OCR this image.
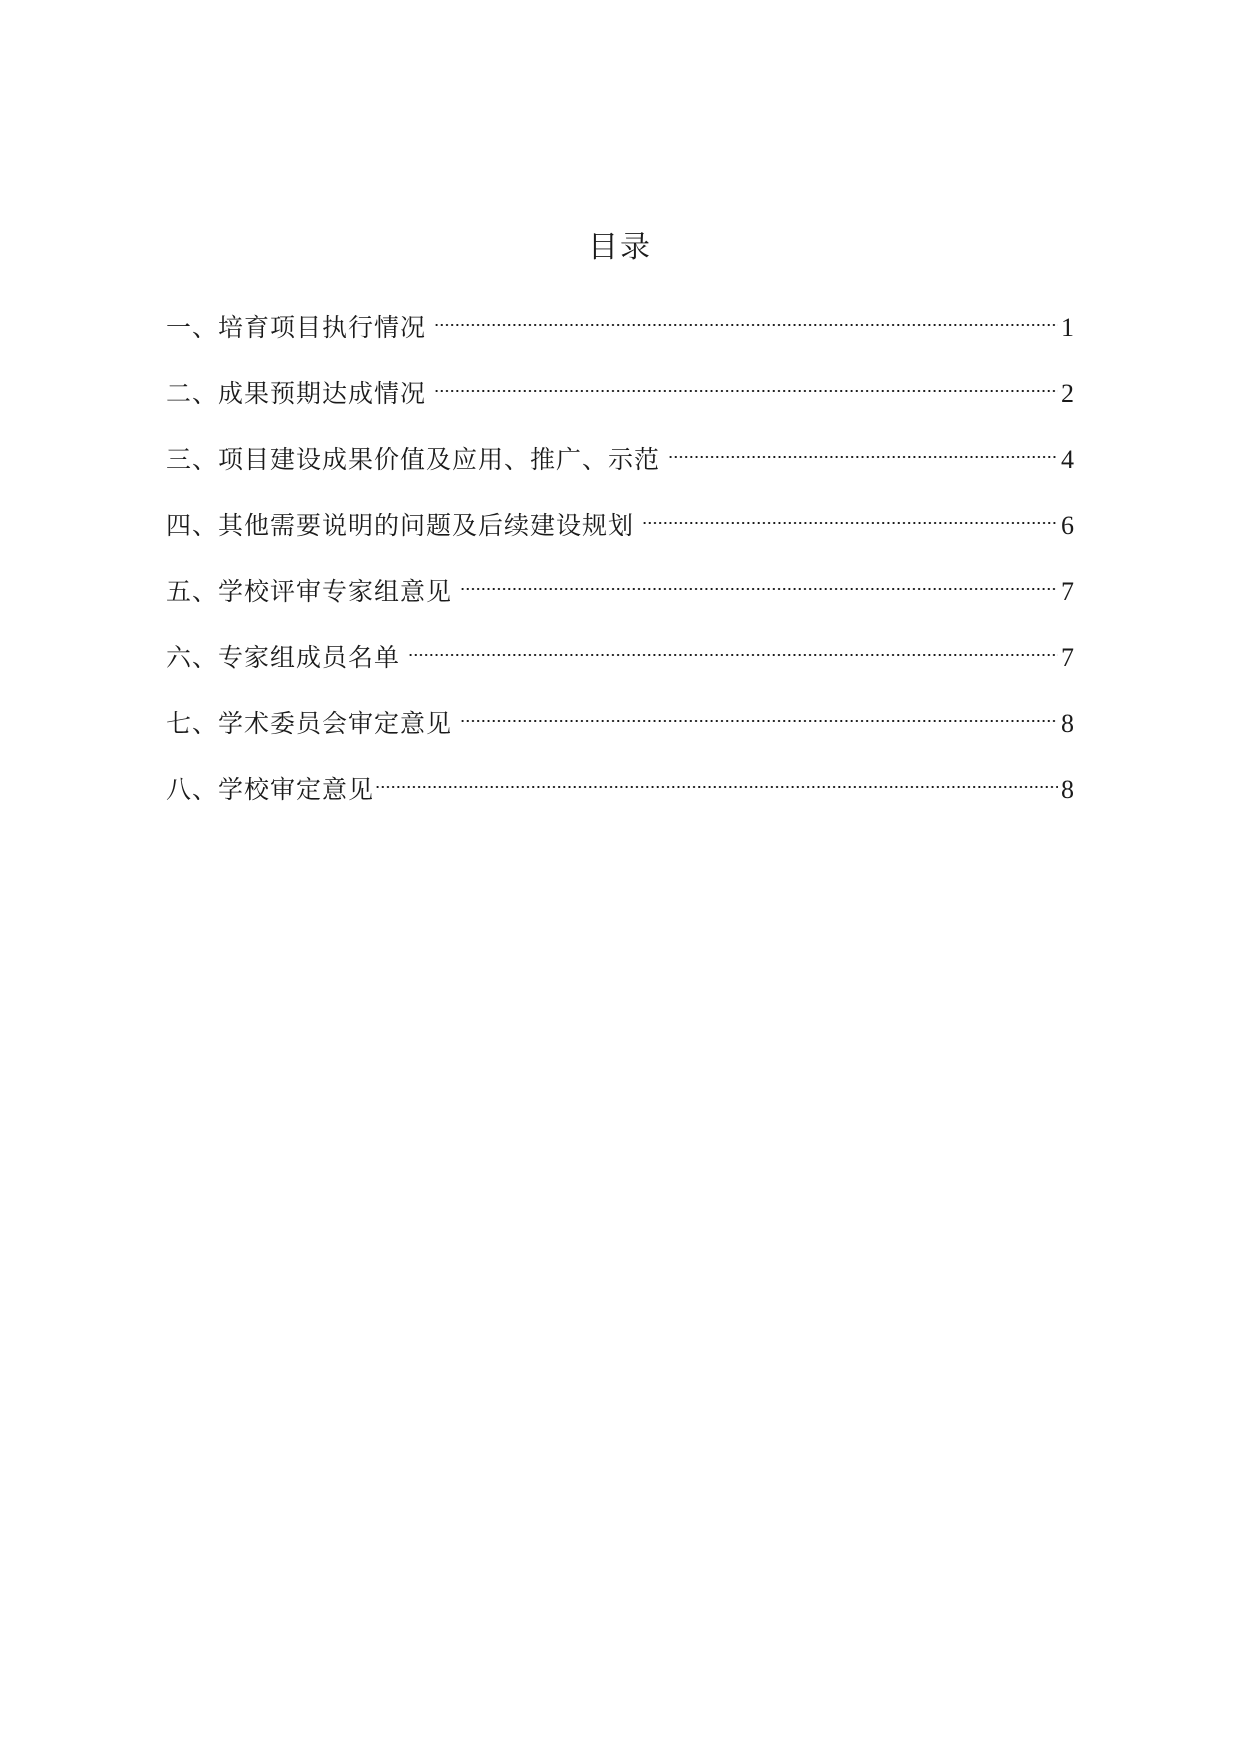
目录
一、培育项目执行情况	1
二、成果预期达成情况	2
三、项目建设成果价值及应用、推广、示范	4
四、其他需要说明的问题及后续建设规划	6
五、学校评审专家组意见	7
六、专家组成员名单	7
七、学术委员会审定意见	8
八、学校审定意见	8
